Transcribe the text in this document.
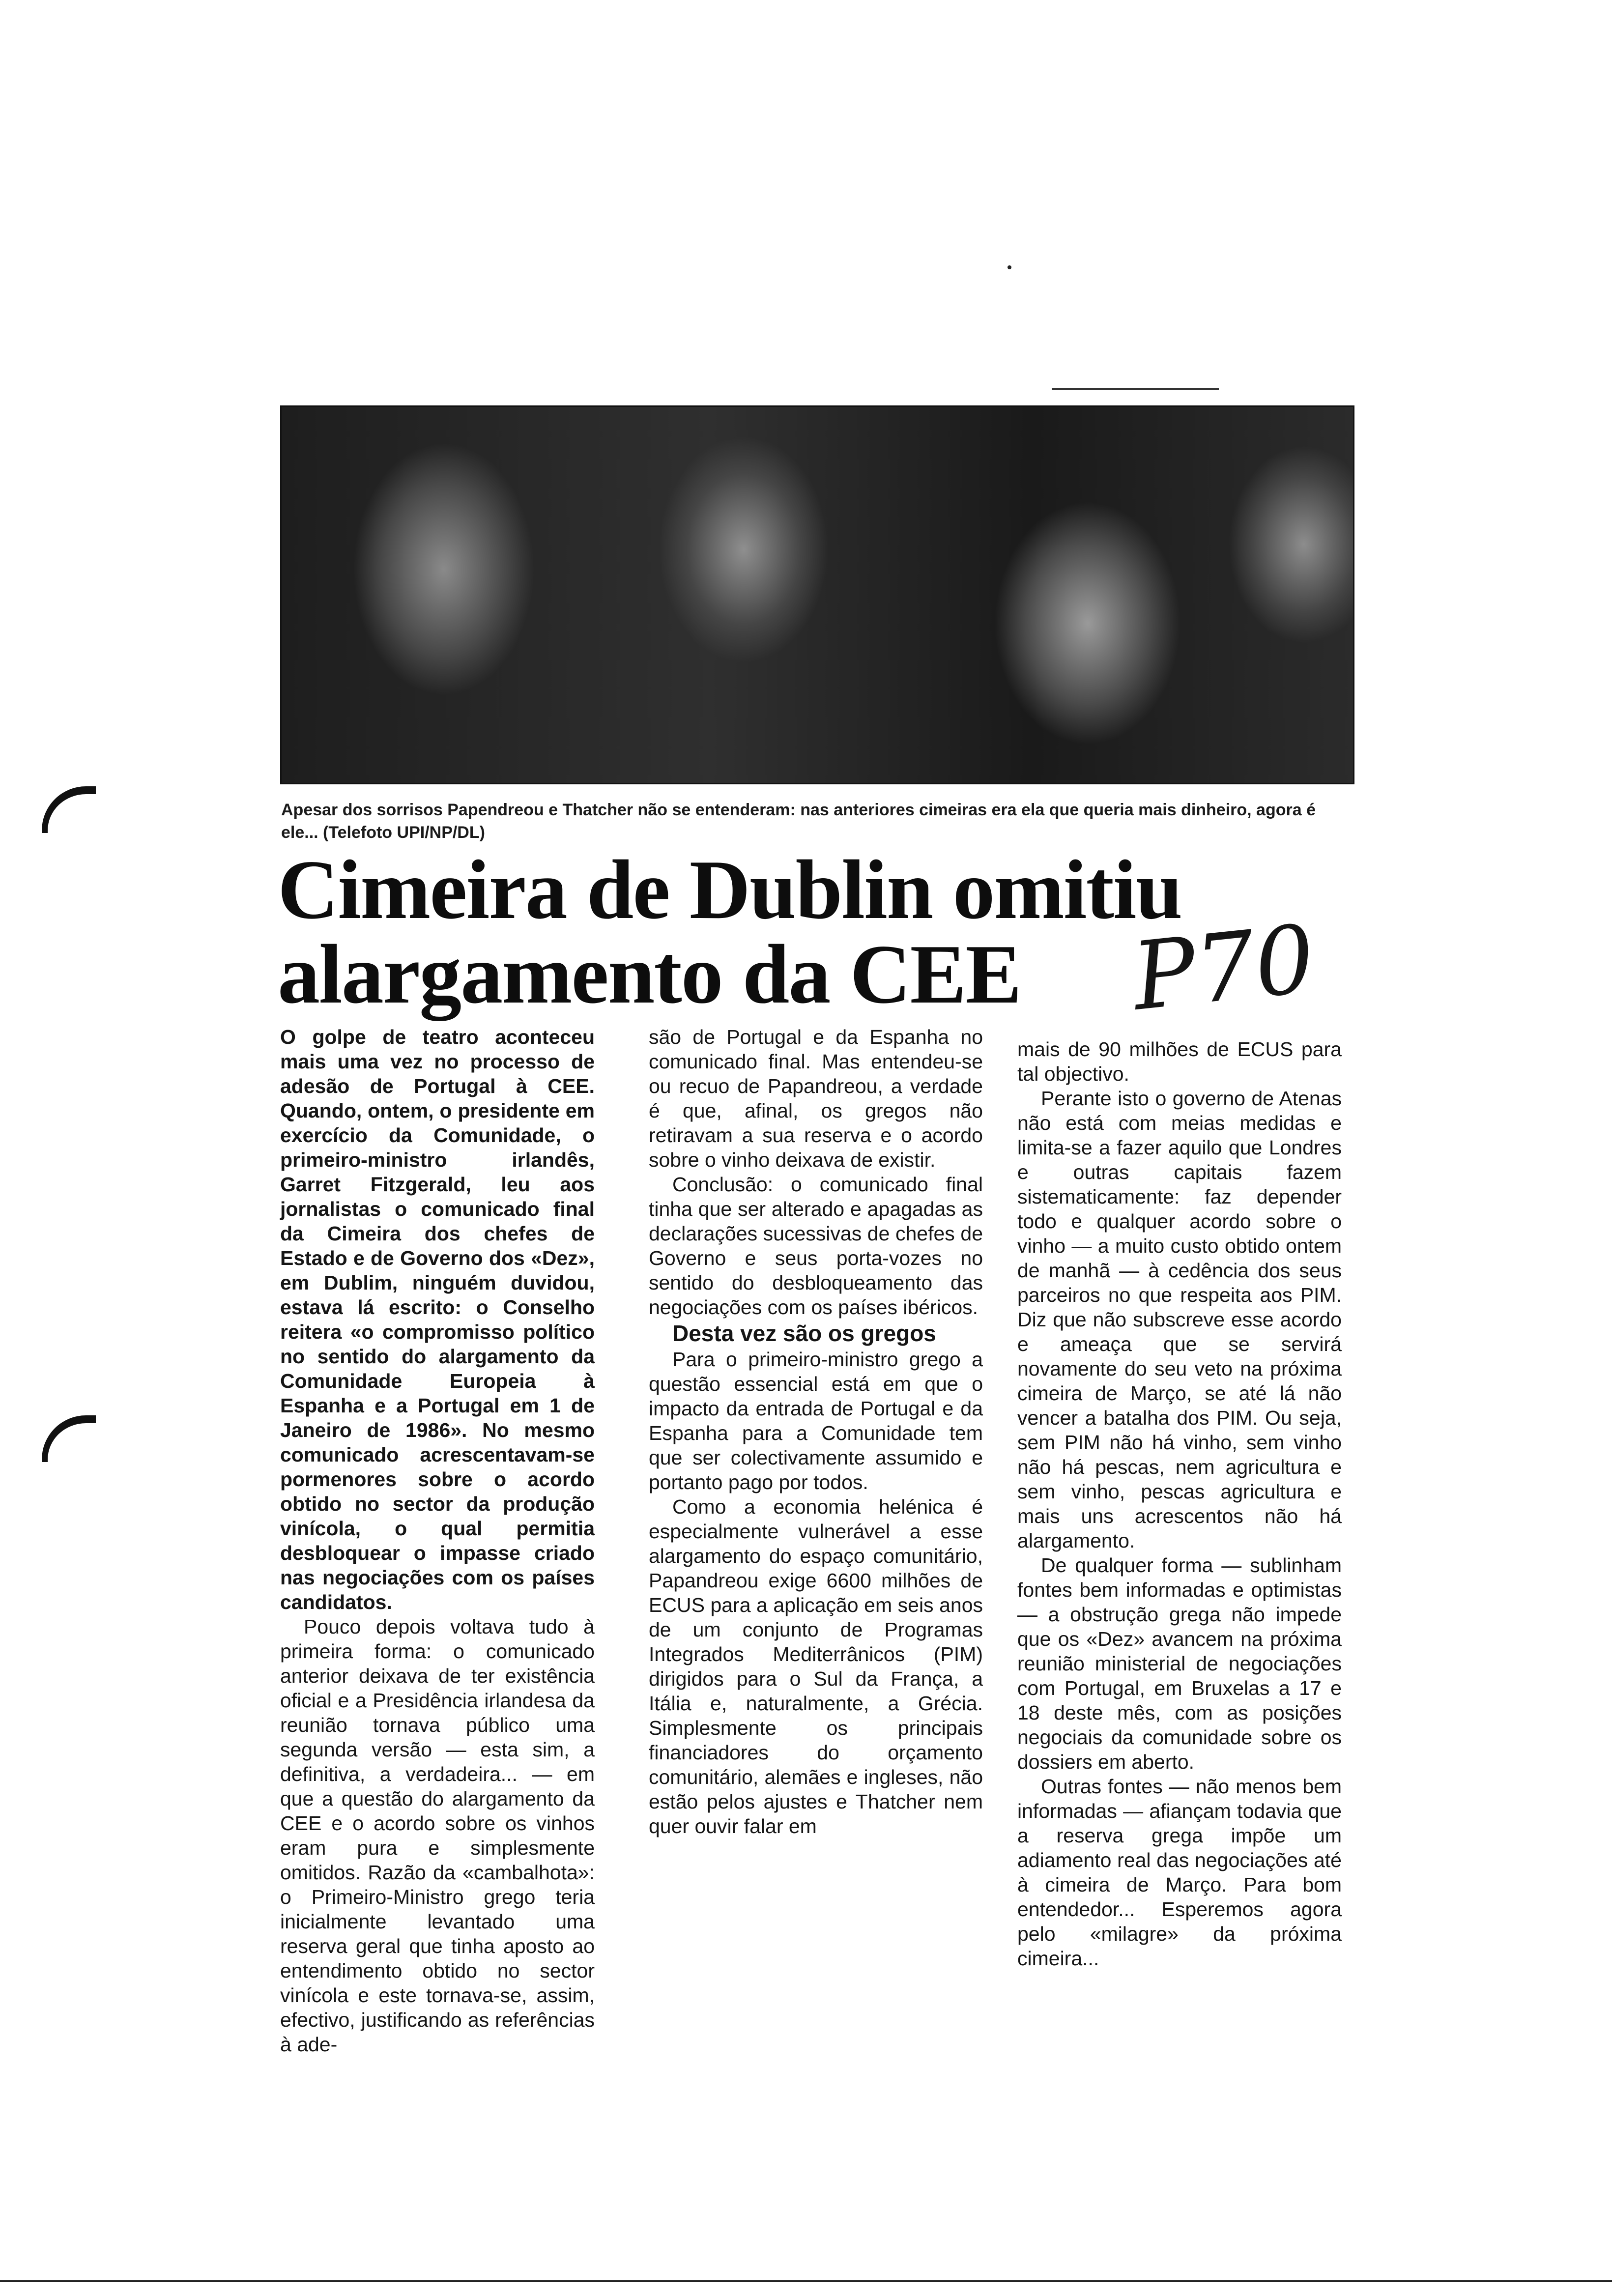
Apesar dos sorrisos Papendreou e Thatcher não se entenderam: nas anteriores cimeiras era ela que queria mais dinheiro, agora é ele... (Telefoto UPI/NP/DL)
Cimeira de Dublin omitiu
alargamento da CEE	P70

O golpe de teatro aconteceu mais uma vez no processo de adesão de Portugal à CEE. Quando, ontem, o presidente em exercício da Comunidade, o primeiro-ministro irlandês, Garret Fitzgerald, leu aos jornalistas o comunicado final da Cimeira dos chefes de Estado e de Governo dos «Dez», em Dublim, ninguém duvidou, estava lá escrito: o Conselho reitera «o compromisso político no sentido do alargamento da Comunidade Europeia à Espanha e a Portugal em 1 de Janeiro de 1986». No mesmo comunicado acrescentavam-se pormenores sobre o acordo obtido no sector da produção vinícola, o qual permitia desbloquear o impasse criado nas negociações com os países candidatos.

Pouco depois voltava tudo à primeira forma: o comunicado anterior deixava de ter existência oficial e a Presidência irlandesa da reunião tornava público uma segunda versão — esta sim, a definitiva, a verdadeira... — em que a questão do alargamento da CEE e o acordo sobre os vinhos eram pura e simplesmente omitidos. Razão da «cambalhota»: o Primeiro-Ministro grego teria inicialmente levantado uma reserva geral que tinha aposto ao entendimento obtido no sector vinícola e este tornava-se, assim, efectivo, justificando as referências à ade-

são de Portugal e da Espanha no comunicado final. Mas entendeu-se ou recuo de Papandreou, a verdade é que, afinal, os gregos não retiravam a sua reserva e o acordo sobre o vinho deixava de existir.

Conclusão: o comunicado final tinha que ser alterado e apagadas as declarações sucessivas de chefes de Governo e seus porta-vozes no sentido do desbloqueamento das negociações com os países ibéricos.

Desta vez são os gregos

Para o primeiro-ministro grego a questão essencial está em que o impacto da entrada de Portugal e da Espanha para a Comunidade tem que ser colectivamente assumido e portanto pago por todos.

Como a economia helénica é especialmente vulnerável a esse alargamento do espaço comunitário, Papandreou exige 6600 milhões de ECUS para a aplicação em seis anos de um conjunto de Programas Integrados Mediterrânicos (PIM) dirigidos para o Sul da França, a Itália e, naturalmente, a Grécia. Simplesmente os principais financiadores do orçamento comunitário, alemães e ingleses, não estão pelos ajustes e Thatcher nem quer ouvir falar em

mais de 90 milhões de ECUS para tal objectivo.

Perante isto o governo de Atenas não está com meias medidas e limita-se a fazer aquilo que Londres e outras capitais fazem sistematicamente: faz depender todo e qualquer acordo sobre o vinho — a muito custo obtido ontem de manhã — à cedência dos seus parceiros no que respeita aos PIM. Diz que não subscreve esse acordo e ameaça que se servirá novamente do seu veto na próxima cimeira de Março, se até lá não vencer a batalha dos PIM. Ou seja, sem PIM não há vinho, sem vinho não há pescas, nem agricultura e sem vinho, pescas agricultura e mais uns acrescentos não há alargamento.

De qualquer forma — sublinham fontes bem informadas e optimistas — a obstrução grega não impede que os «Dez» avancem na próxima reunião ministerial de negociações com Portugal, em Bruxelas a 17 e 18 deste mês, com as posições negociais da comunidade sobre os dossiers em aberto.

Outras fontes — não menos bem informadas — afiançam todavia que a reserva grega impõe um adiamento real das negociações até à cimeira de Março. Para bom entendedor... Esperemos agora pelo «milagre» da próxima cimeira...
